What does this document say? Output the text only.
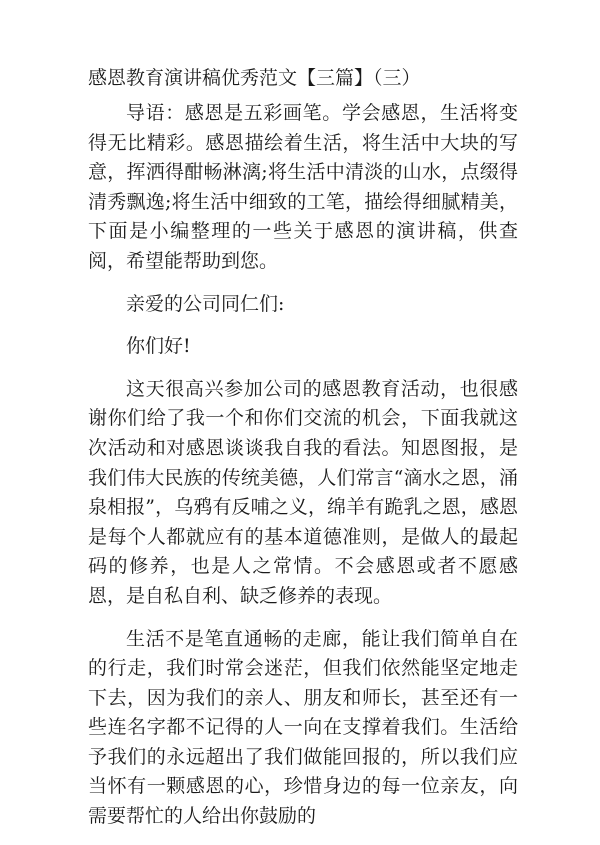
感恩教育演讲稿优秀范文【三篇】（三）

导语：感恩是五彩画笔。学会感恩，生活将变得无比精彩。感恩描绘着生活，将生活中大块的写意，挥洒得酣畅淋漓;将生活中清淡的山水，点缀得清秀飘逸;将生活中细致的工笔，描绘得细腻精美，下面是小编整理的一些关于感恩的演讲稿，供查阅，希望能帮助到您。

亲爱的公司同仁们:

你们好!

这天很高兴参加公司的感恩教育活动，也很感谢你们给了我一个和你们交流的机会，下面我就这次活动和对感恩谈谈我自我的看法。知恩图报，是我们伟大民族的传统美德，人们常言“滴水之恩，涌泉相报”，乌鸦有反哺之义，绵羊有跪乳之恩，感恩是每个人都就应有的基本道德准则，是做人的最起码的修养，也是人之常情。不会感恩或者不愿感恩，是自私自利、缺乏修养的表现。

生活不是笔直通畅的走廊，能让我们简单自在的行走，我们时常会迷茫，但我们依然能坚定地走下去，因为我们的亲人、朋友和师长，甚至还有一些连名字都不记得的人一向在支撑着我们。生活给予我们的永远超出了我们做能回报的，所以我们应当怀有一颗感恩的心，珍惜身边的每一位亲友，向需要帮忙的人给出你鼓励的
